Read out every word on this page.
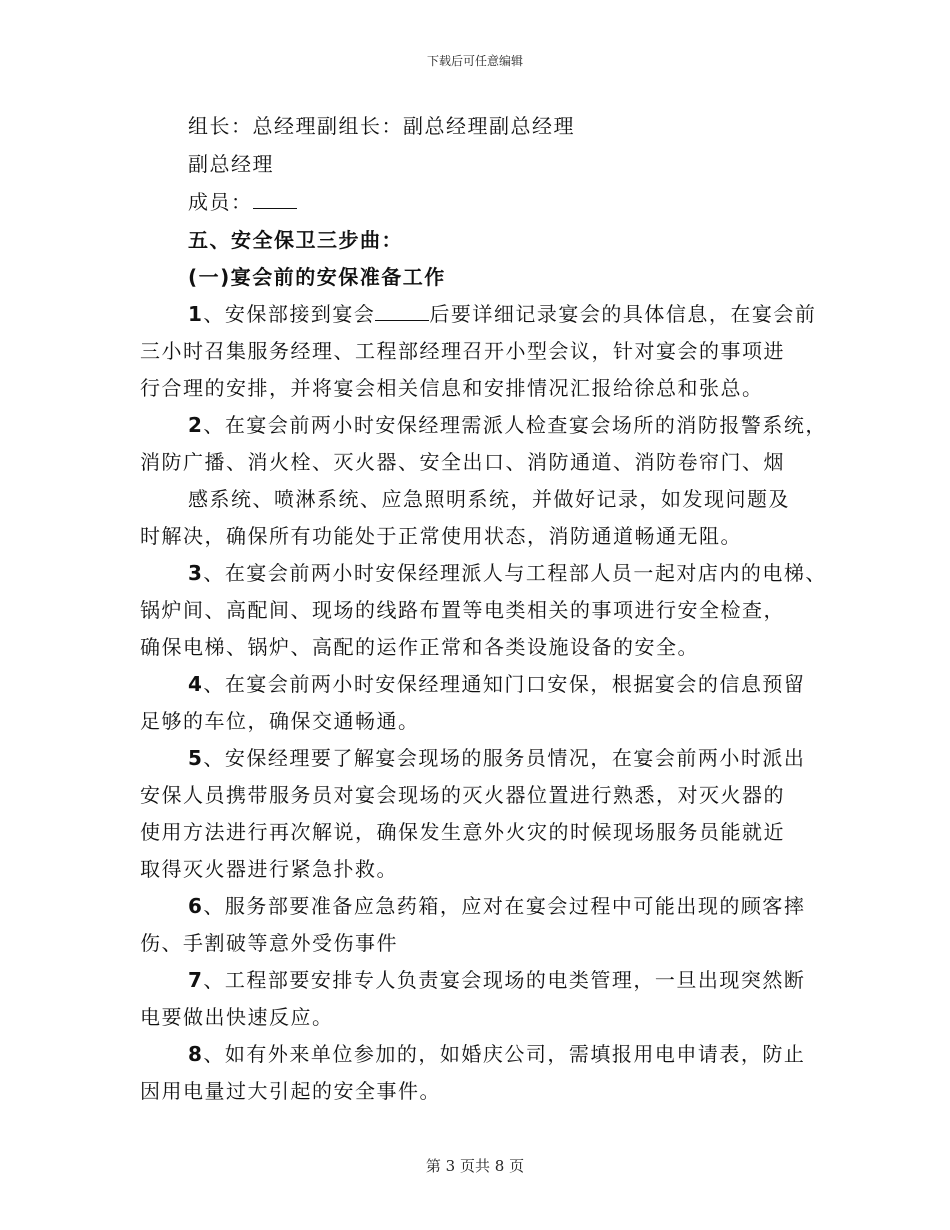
下载后可任意编辑
组长：总经理副组长：副总经理副总经理
副总经理
成员：
五、安全保卫三步曲：
(一)宴会前的安保准备工作
1、安保部接到宴会	后要详细记录宴会的具体信息，在宴会前
三小时召集服务经理、工程部经理召开小型会议，针对宴会的事项进
行合理的安排，并将宴会相关信息和安排情况汇报给徐总和张总。
2、在宴会前两小时安保经理需派人检查宴会场所的消防报警系统，
消防广播、消火栓、灭火器、安全出口、消防通道、消防卷帘门、烟
感系统、喷淋系统、应急照明系统，并做好记录，如发现问题及
时解决，确保所有功能处于正常使用状态，消防通道畅通无阻。
3、在宴会前两小时安保经理派人与工程部人员一起对店内的电梯、
锅炉间、高配间、现场的线路布置等电类相关的事项进行安全检查，
确保电梯、锅炉、高配的运作正常和各类设施设备的安全。
4、在宴会前两小时安保经理通知门口安保，根据宴会的信息预留
足够的车位，确保交通畅通。
5、安保经理要了解宴会现场的服务员情况，在宴会前两小时派出
安保人员携带服务员对宴会现场的灭火器位置进行熟悉，对灭火器的
使用方法进行再次解说，确保发生意外火灾的时候现场服务员能就近
取得灭火器进行紧急扑救。
6、服务部要准备应急药箱，应对在宴会过程中可能出现的顾客摔
伤、手割破等意外受伤事件
7、工程部要安排专人负责宴会现场的电类管理，一旦出现突然断
电要做出快速反应。
8、如有外来单位参加的，如婚庆公司，需填报用电申请表，防止
因用电量过大引起的安全事件。
第 3 页共 8 页
